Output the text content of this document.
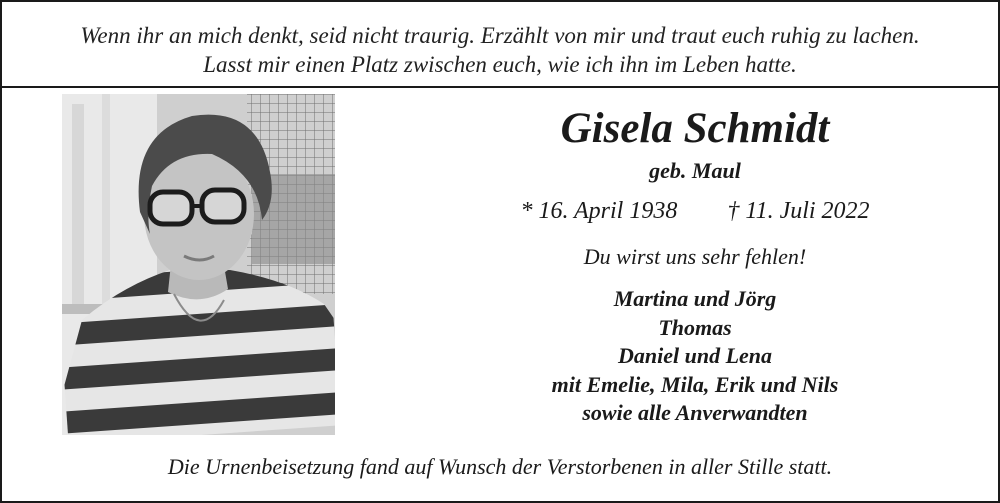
Wenn ihr an mich denkt, seid nicht traurig. Erzählt von mir und traut euch ruhig zu lachen.
Lasst mir einen Platz zwischen euch, wie ich ihn im Leben hatte.
Gisela Schmidt
geb. Maul
* 16. April 1938 † 11. Juli 2022
Du wirst uns sehr fehlen!
Martina und Jörg
Thomas
Daniel und Lena
mit Emelie, Mila, Erik und Nils
sowie alle Anverwandten
Die Urnenbeisetzung fand auf Wunsch der Verstorbenen in aller Stille statt.
